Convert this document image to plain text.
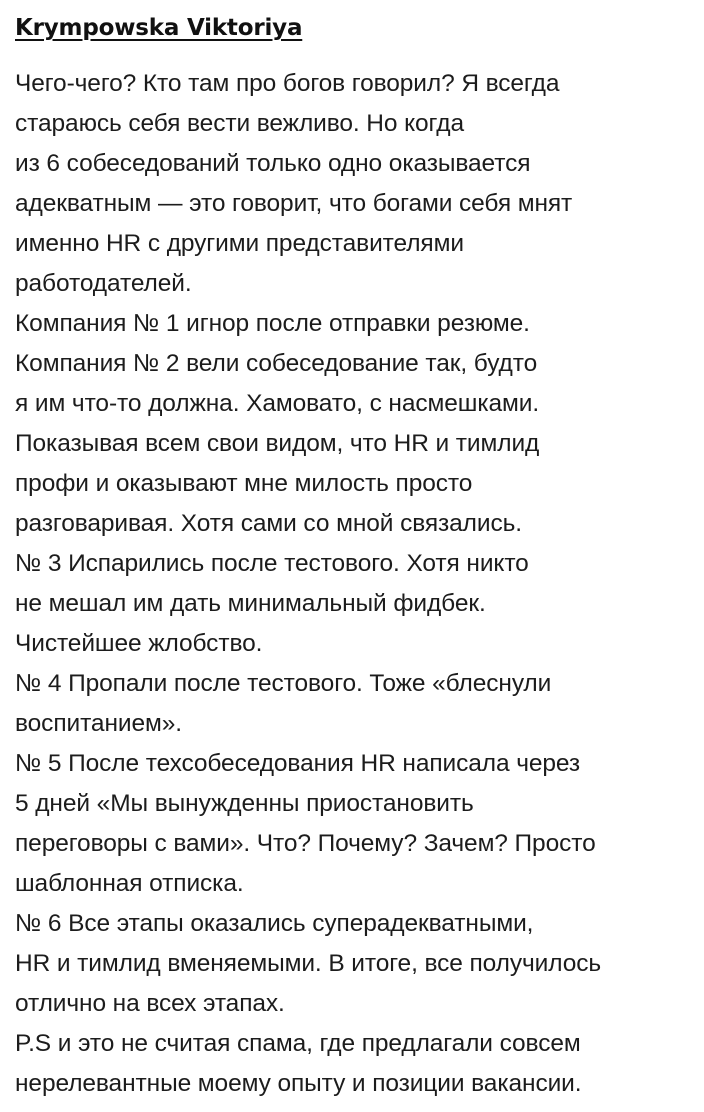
Krympowska Viktoriya
Чего-чего? Кто там про богов говорил? Я всегда
стараюсь себя вести вежливо. Но когда
из 6 собеседований только одно оказывается
адекватным — это говорит, что богами себя мнят
именно HR с другими представителями
работодателей.
Компания № 1 игнор после отправки резюме.
Компания № 2 вели собеседование так, будто
я им что-то должна. Хамовато, с насмешками.
Показывая всем свои видом, что HR и тимлид
профи и оказывают мне милость просто
разговаривая. Хотя сами со мной связались.
№ 3 Испарились после тестового. Хотя никто
не мешал им дать минимальный фидбек.
Чистейшее жлобство.
№ 4 Пропали после тестового. Тоже «блеснули
воспитанием».
№ 5 После техсобеседования HR написала через
5 дней «Мы вынужденны приостановить
переговоры с вами». Что? Почему? Зачем? Просто
шаблонная отписка.
№ 6 Все этапы оказались суперадекватными,
HR и тимлид вменяемыми. В итоге, все получилось
отлично на всех этапах.
P.S и это не считая спама, где предлагали совсем
нерелевантные моему опыту и позиции вакансии.
